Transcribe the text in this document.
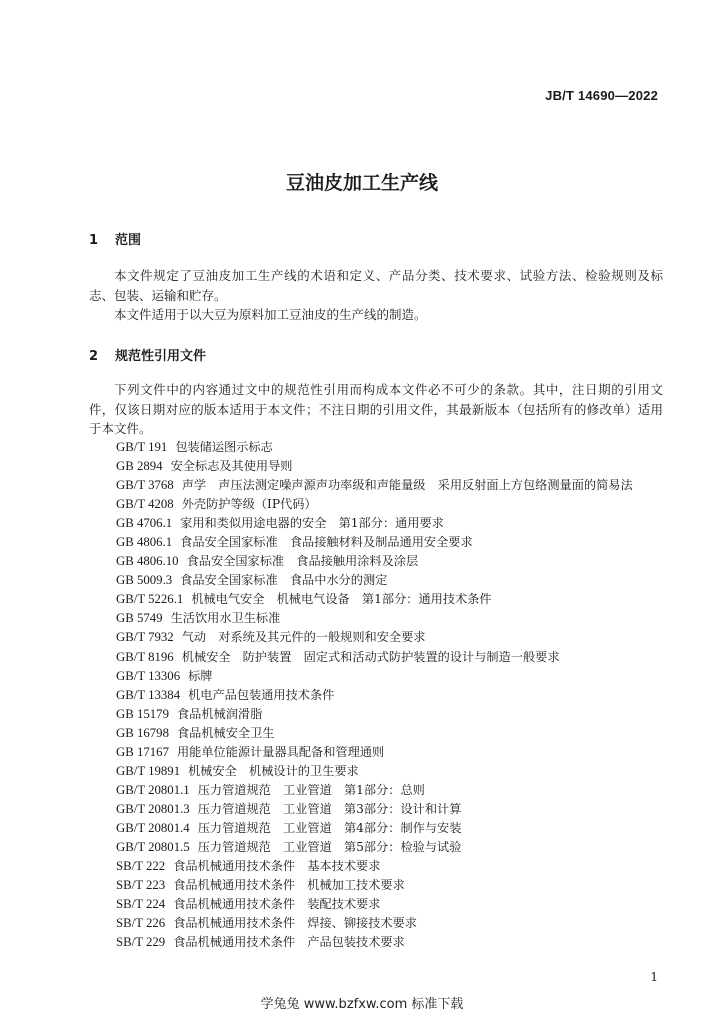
JB/T 14690—2022
豆油皮加工生产线
1 范围

本文件规定了豆油皮加工生产线的术语和定义、产品分类、技术要求、试验方法、检验规则及标志、包装、运输和贮存。

本文件适用于以大豆为原料加工豆油皮的生产线的制造。

2 规范性引用文件

下列文件中的内容通过文中的规范性引用而构成本文件必不可少的条款。其中，注日期的引用文件，仅该日期对应的版本适用于本文件；不注日期的引用文件，其最新版本（包括所有的修改单）适用于本文件。

GB/T 191 包装储运图示标志
GB 2894 安全标志及其使用导则
GB/T 3768 声学　声压法测定噪声源声功率级和声能量级　采用反射面上方包络测量面的简易法
GB/T 4208 外壳防护等级（IP代码）
GB 4706.1 家用和类似用途电器的安全　第1部分：通用要求
GB 4806.1 食品安全国家标准　食品接触材料及制品通用安全要求
GB 4806.10 食品安全国家标准　食品接触用涂料及涂层
GB 5009.3 食品安全国家标准　食品中水分的测定
GB/T 5226.1 机械电气安全　机械电气设备　第1部分：通用技术条件
GB 5749 生活饮用水卫生标准
GB/T 7932 气动　对系统及其元件的一般规则和安全要求
GB/T 8196 机械安全　防护装置　固定式和活动式防护装置的设计与制造一般要求
GB/T 13306 标牌
GB/T 13384 机电产品包装通用技术条件
GB 15179 食品机械润滑脂
GB 16798 食品机械安全卫生
GB 17167 用能单位能源计量器具配备和管理通则
GB/T 19891 机械安全　机械设计的卫生要求
GB/T 20801.1 压力管道规范　工业管道　第1部分：总则
GB/T 20801.3 压力管道规范　工业管道　第3部分：设计和计算
GB/T 20801.4 压力管道规范　工业管道　第4部分：制作与安装
GB/T 20801.5 压力管道规范　工业管道　第5部分：检验与试验
SB/T 222 食品机械通用技术条件　基本技术要求
SB/T 223 食品机械通用技术条件　机械加工技术要求
SB/T 224 食品机械通用技术条件　装配技术要求
SB/T 226 食品机械通用技术条件　焊接、铆接技术要求
SB/T 229 食品机械通用技术条件　产品包装技术要求
1
学兔兔 www.bzfxw.com 标准下载
